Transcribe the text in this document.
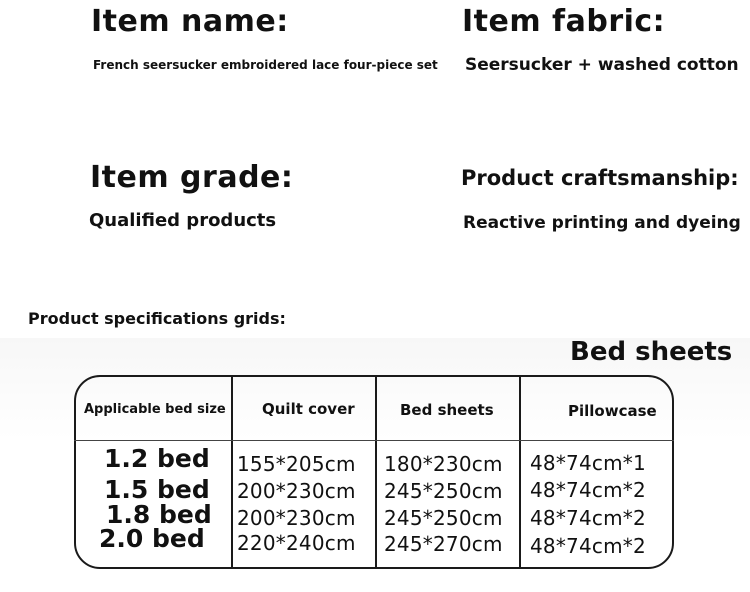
Item name:
French seersucker embroidered lace four-piece set
Item fabric:
Seersucker + washed cotton
Item grade:
Qualified products
Product craftsmanship:
Reactive printing and dyeing
Product specifications grids:
Bed sheets
Applicable bed size Quilt cover	Bed sheets	Pillowcase
1.2 bed 155*205cm 180*230cm 48*74cm*1
1.5 bed 200*230cm 245*250cm 48*74cm*2
1.8 bed 200*230cm 245*250cm 48*74cm*2
2.0 bed 220*240cm 245*270cm 48*74cm*2
